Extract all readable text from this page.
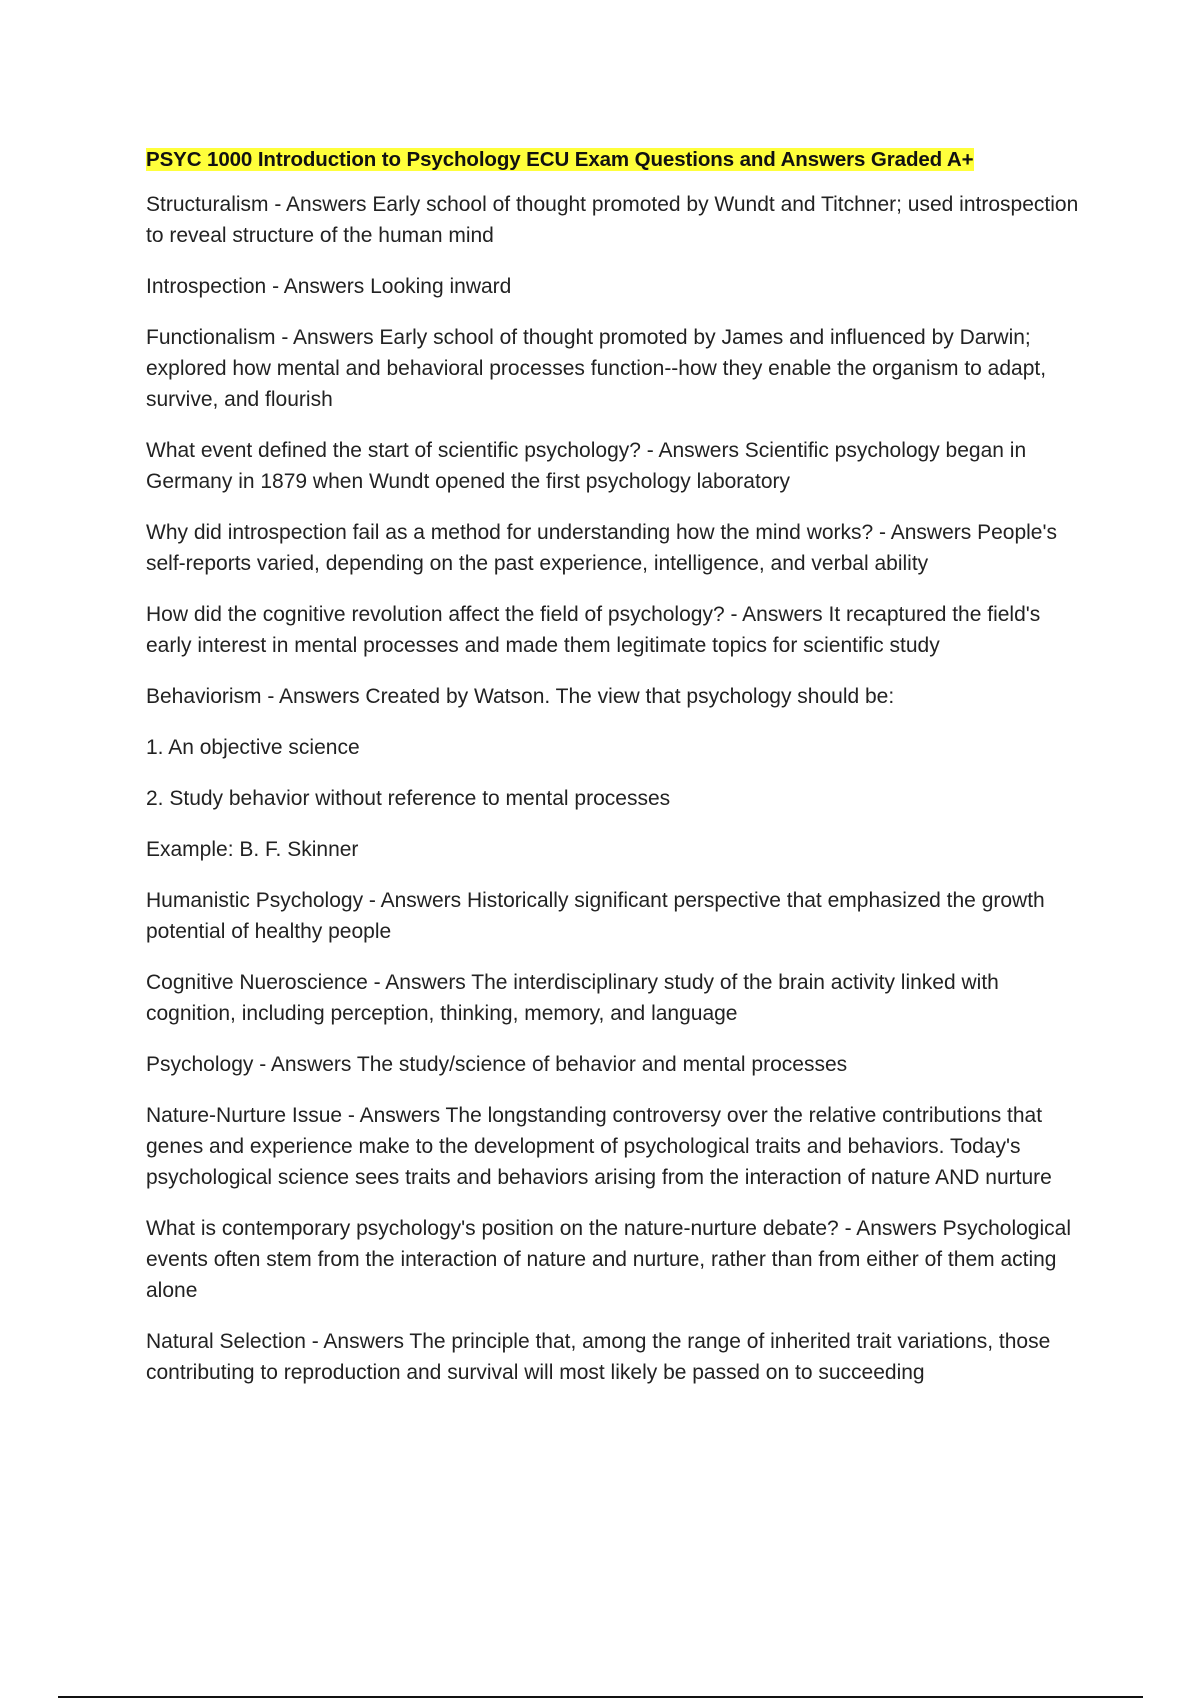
PSYC 1000 Introduction to Psychology ECU Exam Questions and Answers Graded A+

Structuralism - Answers Early school of thought promoted by Wundt and Titchner; used introspection to reveal structure of the human mind

Introspection - Answers Looking inward

Functionalism - Answers Early school of thought promoted by James and influenced by Darwin; explored how mental and behavioral processes function--how they enable the organism to adapt, survive, and flourish

What event defined the start of scientific psychology? - Answers Scientific psychology began in Germany in 1879 when Wundt opened the first psychology laboratory

Why did introspection fail as a method for understanding how the mind works? - Answers People's self-reports varied, depending on the past experience, intelligence, and verbal ability

How did the cognitive revolution affect the field of psychology? - Answers It recaptured the field's early interest in mental processes and made them legitimate topics for scientific study

Behaviorism - Answers Created by Watson. The view that psychology should be:

1. An objective science

2. Study behavior without reference to mental processes

Example: B. F. Skinner

Humanistic Psychology - Answers Historically significant perspective that emphasized the growth potential of healthy people

Cognitive Nueroscience - Answers The interdisciplinary study of the brain activity linked with cognition, including perception, thinking, memory, and language

Psychology - Answers The study/science of behavior and mental processes

Nature-Nurture Issue - Answers The longstanding controversy over the relative contributions that genes and experience make to the development of psychological traits and behaviors. Today's psychological science sees traits and behaviors arising from the interaction of nature AND nurture

What is contemporary psychology's position on the nature-nurture debate? - Answers Psychological events often stem from the interaction of nature and nurture, rather than from either of them acting alone

Natural Selection - Answers The principle that, among the range of inherited trait variations, those contributing to reproduction and survival will most likely be passed on to succeeding
